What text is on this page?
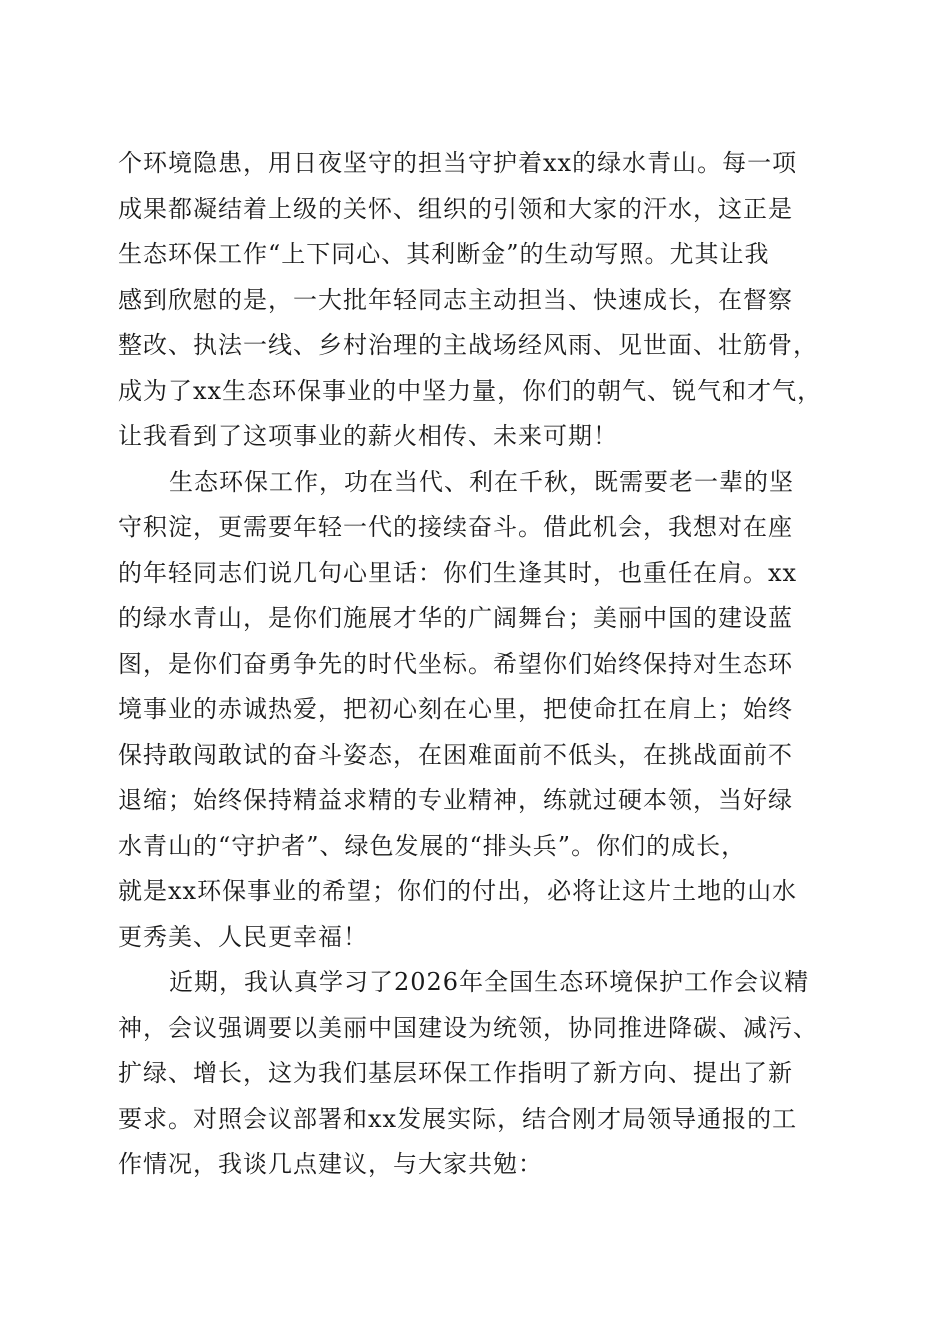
个环境隐患，用日夜坚守的担当守护着xx的绿水青山。每一项
成果都凝结着上级的关怀、组织的引领和大家的汗水，这正是
生态环保工作“上下同心、其利断金”的生动写照。尤其让我
感到欣慰的是，一大批年轻同志主动担当、快速成长，在督察
整改、执法一线、乡村治理的主战场经风雨、见世面、壮筋骨，
成为了xx生态环保事业的中坚力量，你们的朝气、锐气和才气，
让我看到了这项事业的薪火相传、未来可期！
生态环保工作，功在当代、利在千秋，既需要老一辈的坚
守积淀，更需要年轻一代的接续奋斗。借此机会，我想对在座
的年轻同志们说几句心里话：你们生逢其时，也重任在肩。xx
的绿水青山，是你们施展才华的广阔舞台；美丽中国的建设蓝
图，是你们奋勇争先的时代坐标。希望你们始终保持对生态环
境事业的赤诚热爱，把初心刻在心里，把使命扛在肩上；始终
保持敢闯敢试的奋斗姿态，在困难面前不低头，在挑战面前不
退缩；始终保持精益求精的专业精神，练就过硬本领，当好绿
水青山的“守护者”、绿色发展的“排头兵”。你们的成长，
就是xx环保事业的希望；你们的付出，必将让这片土地的山水
更秀美、人民更幸福！
近期，我认真学习了2026年全国生态环境保护工作会议精
神，会议强调要以美丽中国建设为统领，协同推进降碳、减污、
扩绿、增长，这为我们基层环保工作指明了新方向、提出了新
要求。对照会议部署和xx发展实际，结合刚才局领导通报的工
作情况，我谈几点建议，与大家共勉：
